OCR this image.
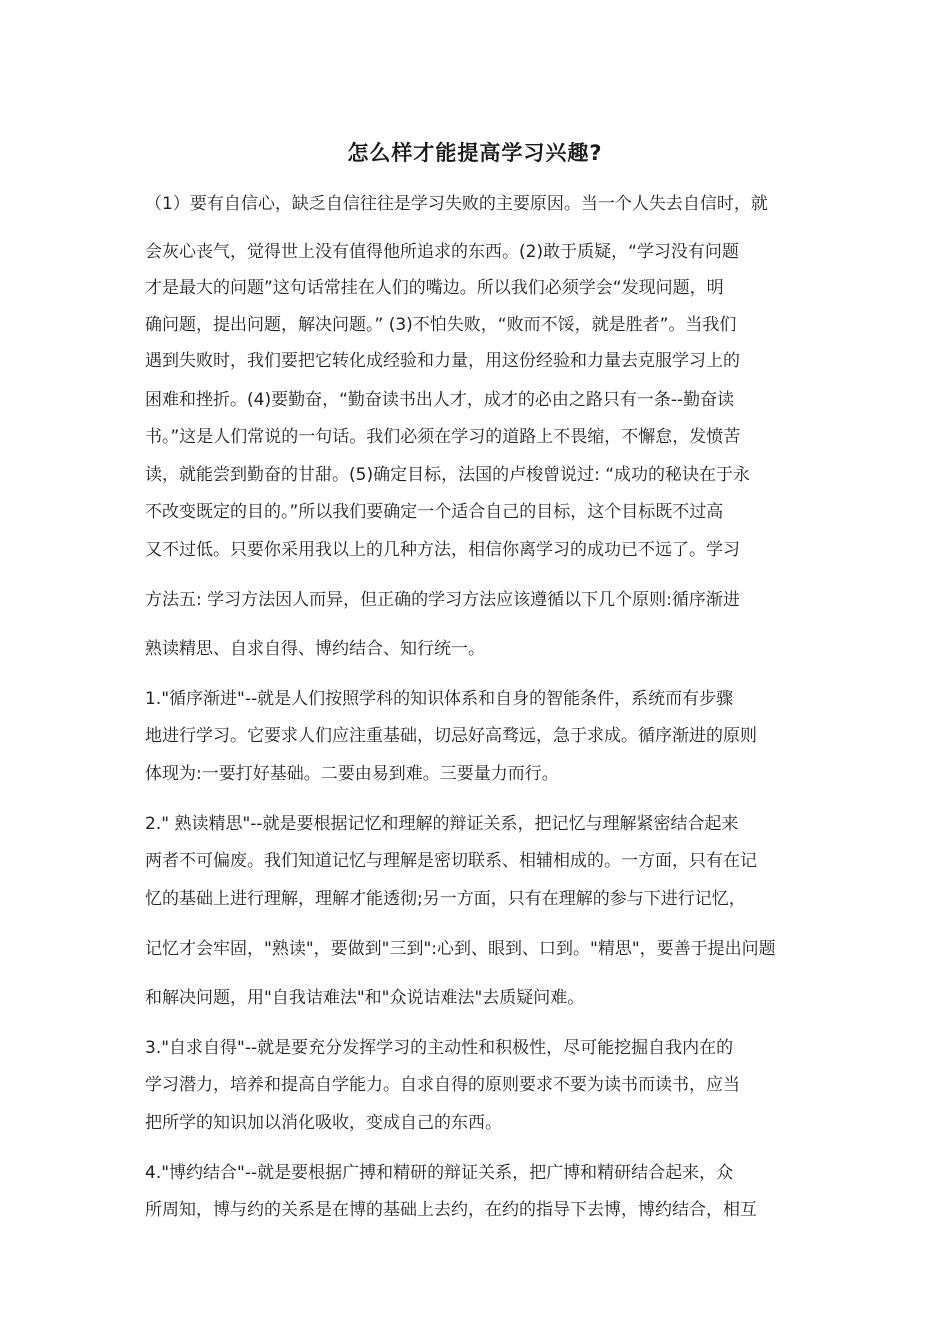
怎么样才能提高学习兴趣?
（1）要有自信心，缺乏自信往往是学习失败的主要原因。当一个人失去自信时，就
会灰心丧气，觉得世上没有值得他所追求的东西。(2)敢于质疑，“学习没有问题
才是最大的问题”这句话常挂在人们的嘴边。所以我们必须学会“发现问题，明
确问题，提出问题，解决问题。” (3)不怕失败，“败而不馁，就是胜者”。当我们
遇到失败时，我们要把它转化成经验和力量，用这份经验和力量去克服学习上的
困难和挫折。(4)要勤奋，“勤奋读书出人才，成才的必由之路只有一条--勤奋读
书。”这是人们常说的一句话。我们必须在学习的道路上不畏缩，不懈怠，发愤苦
读，就能尝到勤奋的甘甜。(5)确定目标，法国的卢梭曾说过: “成功的秘诀在于永
不改变既定的目的。”所以我们要确定一个适合自己的目标，这个目标既不过高
又不过低。只要你采用我以上的几种方法，相信你离学习的成功已不远了。学习
方法五: 学习方法因人而异，但正确的学习方法应该遵循以下几个原则:循序渐进
熟读精思、自求自得、博约结合、知行统一。
1."循序渐进"--就是人们按照学科的知识体系和自身的智能条件，系统而有步骤
地进行学习。它要求人们应注重基础，切忌好高骛远，急于求成。循序渐进的原则
体现为:一要打好基础。二要由易到难。三要量力而行。
2." 熟读精思"--就是要根据记忆和理解的辩证关系，把记忆与理解紧密结合起来
两者不可偏废。我们知道记忆与理解是密切联系、相辅相成的。一方面，只有在记
忆的基础上进行理解，理解才能透彻;另一方面，只有在理解的参与下进行记忆，
记忆才会牢固，"熟读"，要做到"三到":心到、眼到、口到。"精思"，要善于提出问题
和解决问题，用"自我诘难法"和"众说诘难法"去质疑问难。
3."自求自得"--就是要充分发挥学习的主动性和积极性，尽可能挖掘自我内在的
学习潜力，培养和提高自学能力。自求自得的原则要求不要为读书而读书，应当
把所学的知识加以消化吸收，变成自己的东西。
4."博约结合"--就是要根据广搏和精研的辩证关系，把广博和精研结合起来，众
所周知，博与约的关系是在博的基础上去约，在约的指导下去博，博约结合，相互
